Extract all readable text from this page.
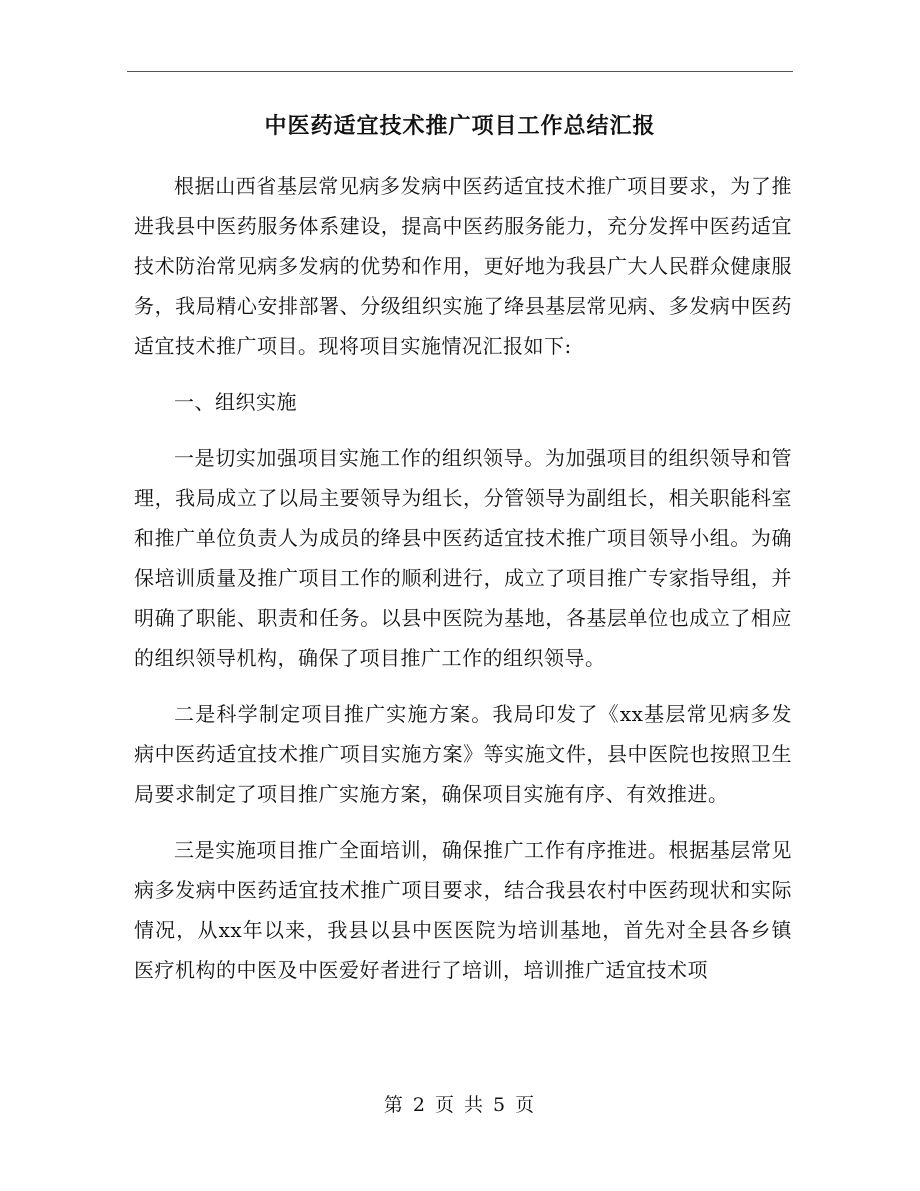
中医药适宜技术推广项目工作总结汇报

根据山西省基层常见病多发病中医药适宜技术推广项目要求，为了推进我县中医药服务体系建设，提高中医药服务能力，充分发挥中医药适宜技术防治常见病多发病的优势和作用，更好地为我县广大人民群众健康服务，我局精心安排部署、分级组织实施了绛县基层常见病、多发病中医药适宜技术推广项目。现将项目实施情况汇报如下:

一、组织实施

一是切实加强项目实施工作的组织领导。为加强项目的组织领导和管理，我局成立了以局主要领导为组长，分管领导为副组长，相关职能科室和推广单位负责人为成员的绛县中医药适宜技术推广项目领导小组。为确保培训质量及推广项目工作的顺利进行，成立了项目推广专家指导组，并明确了职能、职责和任务。以县中医院为基地，各基层单位也成立了相应的组织领导机构，确保了项目推广工作的组织领导。

二是科学制定项目推广实施方案。我局印发了《xx基层常见病多发病中医药适宜技术推广项目实施方案》等实施文件，县中医院也按照卫生局要求制定了项目推广实施方案，确保项目实施有序、有效推进。

三是实施项目推广全面培训，确保推广工作有序推进。根据基层常见病多发病中医药适宜技术推广项目要求，结合我县农村中医药现状和实际情况，从xx年以来，我县以县中医医院为培训基地，首先对全县各乡镇医疗机构的中医及中医爱好者进行了培训，培训推广适宜技术项

第 2 页 共 5 页
